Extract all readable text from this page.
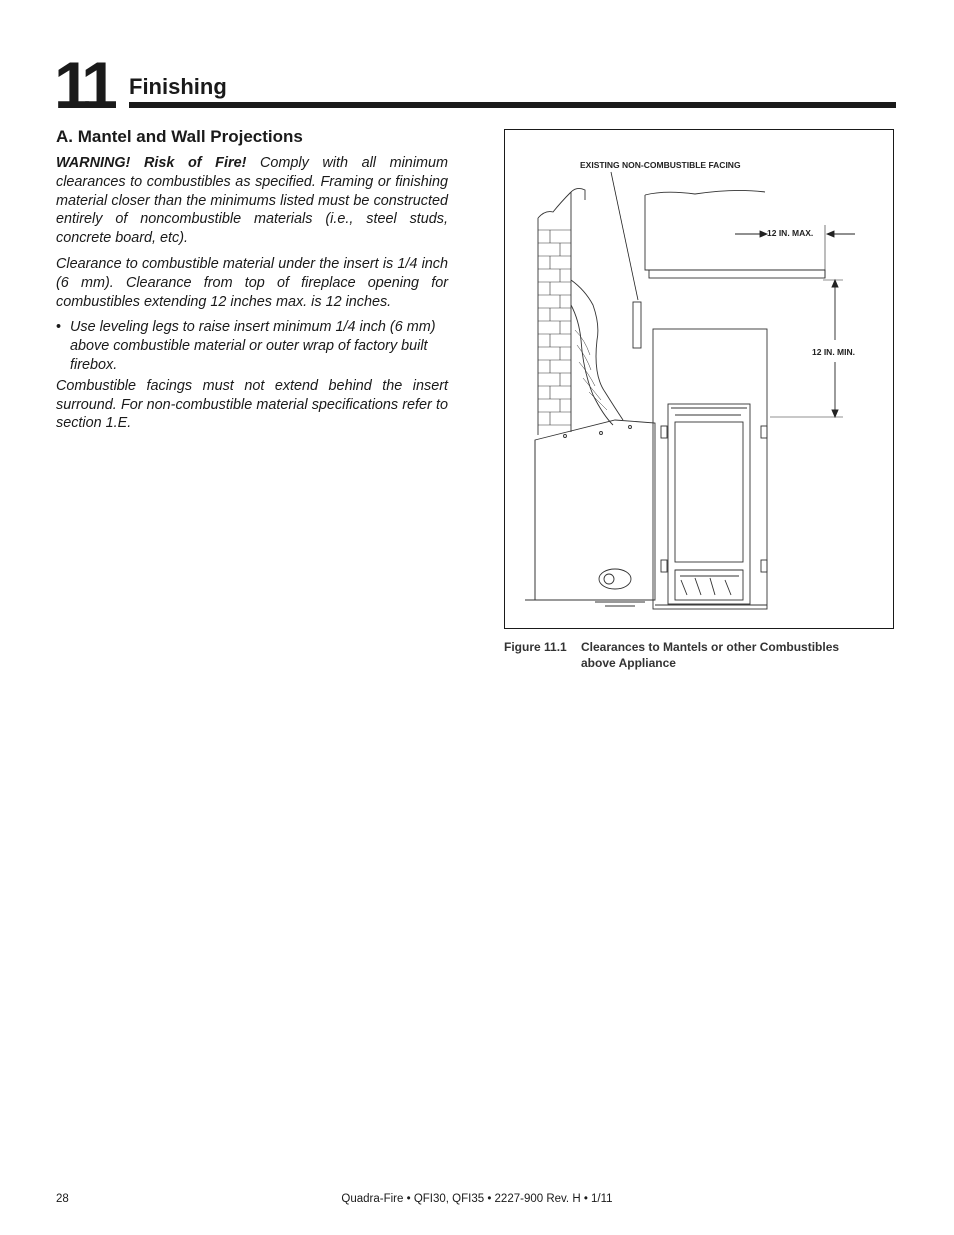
11 Finishing
A. Mantel and Wall Projections

WARNING! Risk of Fire! Comply with all minimum clearances to combustibles as specified. Framing or finishing material closer than the minimums listed must be constructed entirely of noncombustible materials (i.e., steel studs, concrete board, etc).

Clearance to combustible material under the insert is 1/4 inch (6 mm). Clearance from top of fireplace opening for combustibles extending 12 inches max. is 12 inches.

• Use leveling legs to raise insert minimum 1/4 inch (6 mm) above combustible material or outer wrap of factory built firebox.

Combustible facings must not extend behind the insert surround. For non-combustible material specifications refer to section 1.E.

EXISTING NON-COMBUSTIBLE FACING
12 IN. MAX.
12 IN. MIN.
Figure 11.1 Clearances to Mantels or other Combustibles above Appliance
28	Quadra-Fire • QFI30, QFI35 • 2227-900 Rev. H • 1/11
